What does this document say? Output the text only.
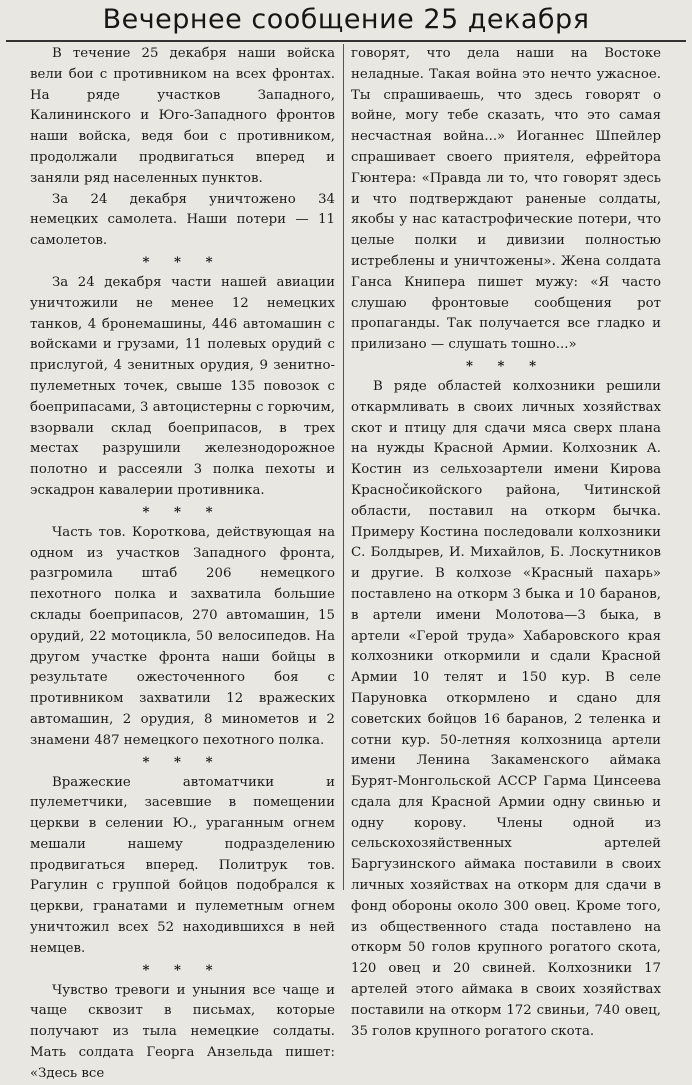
Вечернее сообщение 25 декабря

В течение 25 декабря наши войска вели бои с противником на всех фронтах. На ряде участков Западного, Калининского и Юго-Западного фронтов наши войска, ведя бои с противником, продолжали продвигаться вперед и заняли ряд населенных пунктов.

За 24 декабря уничтожено 34 немецких самолета. Наши потери — 11 самолетов.

* * *

За 24 декабря части нашей авиации уничтожили не менее 12 немецких танков, 4 бронемашины, 446 автомашин с войсками и грузами, 11 полевых орудий с прислугой, 4 зенитных орудия, 9 зенитно-пулеметных точек, свыше 135 повозок с боеприпасами, 3 автоцистерны с горючим, взорвали склад боеприпасов, в трех местах разрушили железнодорожное полотно и рассеяли 3 полка пехоты и эскадрон кавалерии противника.

* * *

Часть тов. Короткова, действующая на одном из участков Западного фронта, разгромила штаб 206 немецкого пехотного полка и захватила большие склады боеприпасов, 270 автомашин, 15 орудий, 22 мотоцикла, 50 велосипедов. На другом участке фронта наши бойцы в результате ожесточенного боя с противником захватили 12 вражеских автомашин, 2 орудия, 8 минометов и 2 знамени 487 немецкого пехотного полка.

* * *

Вражеские автоматчики и пулеметчики, засевшие в помещении церкви в селении Ю., ураганным огнем мешали нашему подразделению продвигаться вперед. Политрук тов. Рагулин с группой бойцов подобрался к церкви, гранатами и пулеметным огнем уничтожил всех 52 находившихся в ней немцев.

* * *

Чувство тревоги и уныния все чаще и чаще сквозит в письмах, которые получают из тыла немецкие солдаты. Мать солдата Георга Анзельда пишет: «Здесь все

говорят, что дела наши на Востоке неладные. Такая война это нечто ужасное. Ты спрашиваешь, что здесь говорят о войне, могу тебе сказать, что это самая несчастная война...» Иоганнес Шпейлер спрашивает своего приятеля, ефрейтора Гюнтера: «Правда ли то, что говорят здесь и что подтверждают раненые солдаты, якобы у нас катастрофические потери, что целые полки и дивизии полностью истреблены и уничтожены». Жена солдата Ганса Книпера пишет мужу: «Я часто слушаю фронтовые сообщения рот пропаганды. Так получается все гладко и прилизано — слушать тошно...»

* * *

В ряде областей колхозники решили откармливать в своих личных хозяйствах скот и птицу для сдачи мяса сверх плана на нужды Красной Армии. Колхозник А. Костин из сельхозартели имени Кирова Краснočикойского района, Читинской области, поставил на откорм бычка. Примеру Костина последовали колхозники С. Болдырев, И. Михайлов, Б. Лоскутников и другие. В колхозе «Красный пахарь» поставлено на откорм 3 быка и 10 баранов, в артели имени Молотова—3 быка, в артели «Герой труда» Хабаровского края колхозники откормили и сдали Красной Армии 10 телят и 150 кур. В селе Паруновка откормлено и сдано для советских бойцов 16 баранов, 2 теленка и сотни кур. 50-летняя колхозница артели имени Ленина Закаменского аймака Бурят-Монгольской АССР Гарма Цинсеева сдала для Красной Армии одну свинью и одну корову. Члены одной из сельскохозяйственных артелей Баргузинского аймака поставили в своих личных хозяйствах на откорм для сдачи в фонд обороны около 300 овец. Кроме того, из общественного стада поставлено на откорм 50 голов крупного рогатого скота, 120 овец и 20 свиней. Колхозники 17 артелей этого аймака в своих хозяйствах поставили на откорм 172 свиньи, 740 овец, 35 голов крупного рогатого скота.
